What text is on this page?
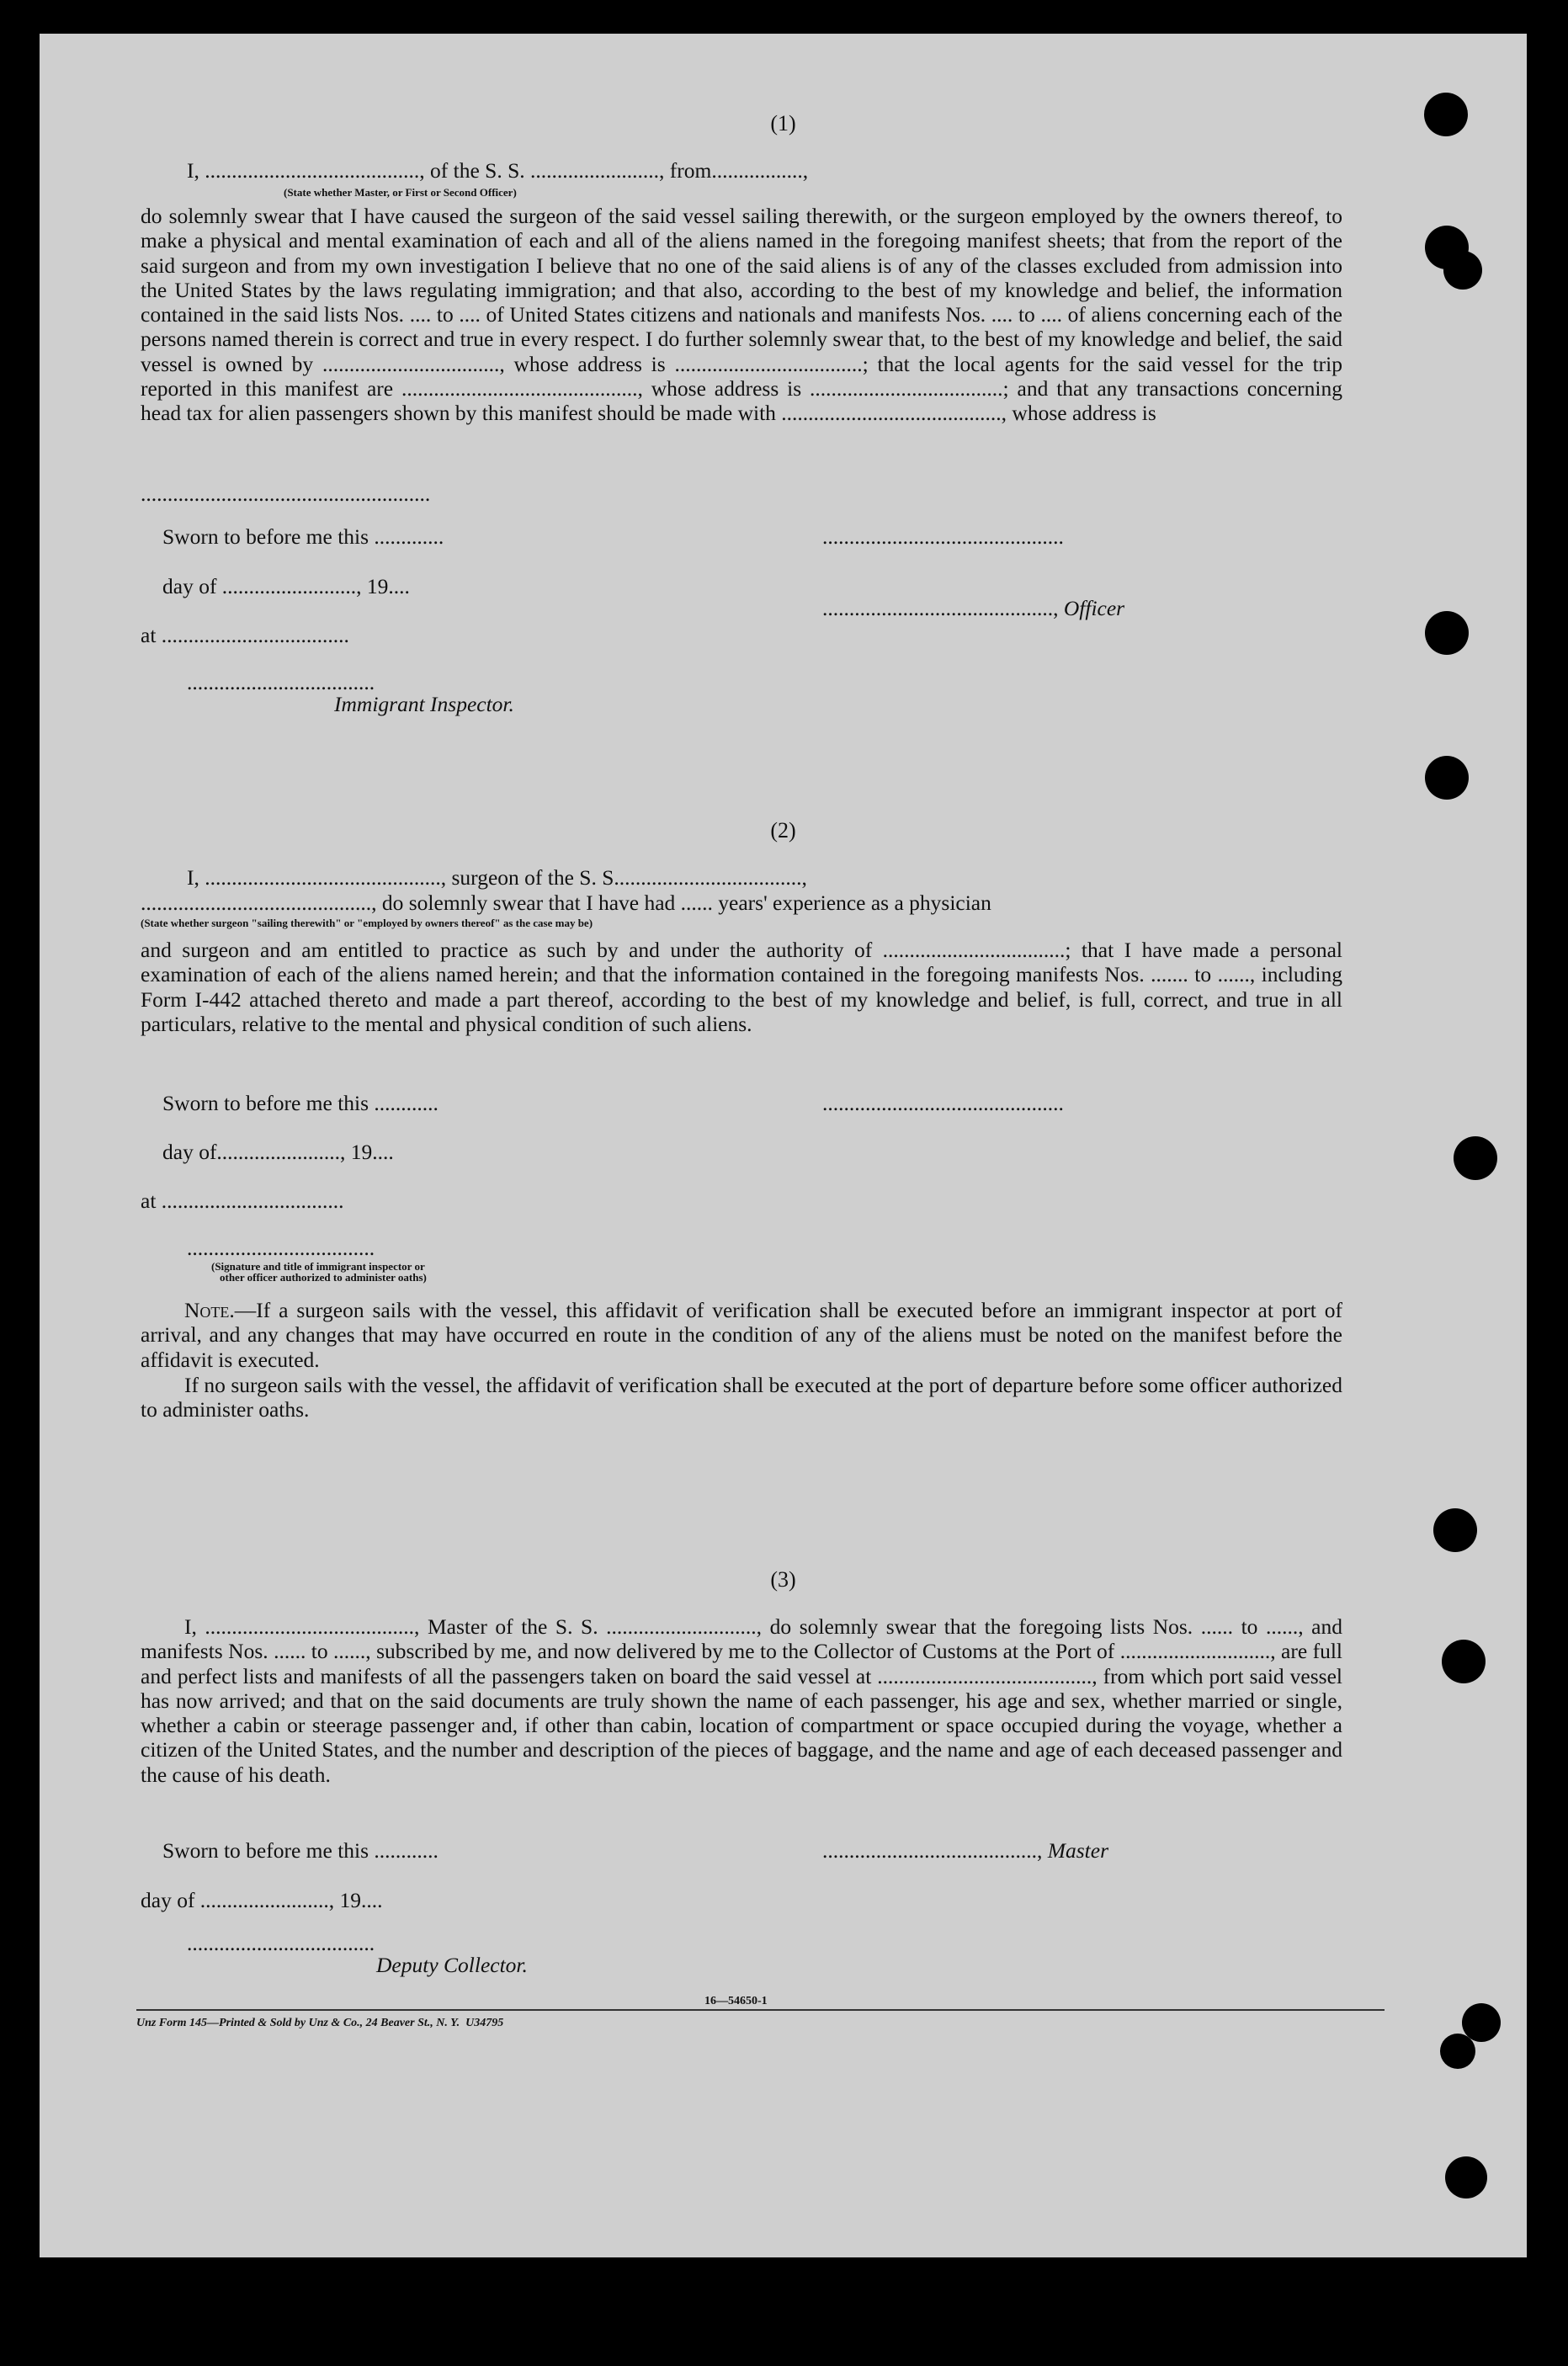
(1)
I, ........................................, of the S. S. ........................, from.................,
(State whether Master, or First or Second Officer)

do solemnly swear that I have caused the surgeon of the said vessel sailing therewith, or the surgeon employed by the owners thereof, to make a physical and mental examination of each and all of the aliens named in the foregoing manifest sheets; that from the report of the said surgeon and from my own investigation I believe that no one of the said aliens is of any of the classes excluded from admission into the United States by the laws regulating immigration; and that also, according to the best of my knowledge and belief, the information contained in the said lists Nos. .... to .... of United States citizens and nationals and manifests Nos. .... to .... of aliens concerning each of the persons named therein is correct and true in every respect. I do further solemnly swear that, to the best of my knowledge and belief, the said vessel is owned by ................................., whose address is ...................................; that the local agents for the said vessel for the trip reported in this manifest are ............................................, whose address is ....................................; and that any transactions concerning head tax for alien passengers shown by this manifest should be made with ........................................., whose address is

......................................................
Sworn to before me this .............	.............................................
day of ........................., 19....
..........................................., Officer
at ...................................
...................................
Immigrant Inspector.
(2)
I, ............................................, surgeon of the S. S...................................,
..........................................., do solemnly swear that I have had ...... years' experience as a physician
(State whether surgeon "sailing therewith" or "employed by owners thereof" as the case may be)

and surgeon and am entitled to practice as such by and under the authority of ..................................; that I have made a personal examination of each of the aliens named herein; and that the information contained in the foregoing manifests Nos. ....... to ......, including Form I-442 attached thereto and made a part thereof, according to the best of my knowledge and belief, is full, correct, and true in all particulars, relative to the mental and physical condition of such aliens.

Sworn to before me this ............	.............................................
day of......................., 19....
at ..................................
...................................
(Signature and title of immigrant inspector or
other officer authorized to administer oaths)

Note.—If a surgeon sails with the vessel, this affidavit of verification shall be executed before an immigrant inspector at port of arrival, and any changes that may have occurred en route in the condition of any of the aliens must be noted on the manifest before the affidavit is executed.

If no surgeon sails with the vessel, the affidavit of verification shall be executed at the port of departure before some officer authorized to administer oaths.

(3)

I, ......................................., Master of the S. S. ............................, do solemnly swear that the foregoing lists Nos. ...... to ......, and manifests Nos. ...... to ......, subscribed by me, and now delivered by me to the Collector of Customs at the Port of ............................, are full and perfect lists and manifests of all the passengers taken on board the said vessel at ........................................, from which port said vessel has now arrived; and that on the said documents are truly shown the name of each passenger, his age and sex, whether married or single, whether a cabin or steerage passenger and, if other than cabin, location of compartment or space occupied during the voyage, whether a citizen of the United States, and the number and description of the pieces of baggage, and the name and age of each deceased passenger and the cause of his death.

Sworn to before me this ............	........................................, Master
day of ........................, 19....
...................................
Deputy Collector.
16—54650-1
Unz Form 145—Printed & Sold by Unz & Co., 24 Beaver St., N. Y.  U34795
